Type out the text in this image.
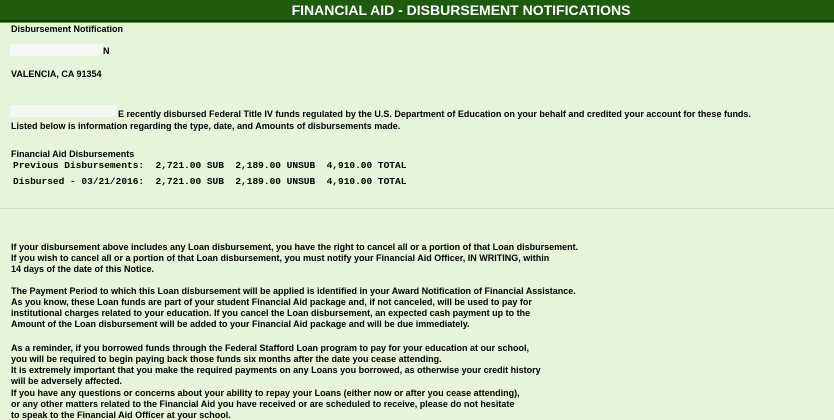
FINANCIAL AID - DISBURSEMENT NOTIFICATIONS
Disbursement Notification
N
VALENCIA, CA 91354
E recently disbursed Federal Title IV funds regulated by the U.S. Department of Education on your behalf and credited your account for these funds.
Listed below is information regarding the type, date, and Amounts of disbursements made.
Financial Aid Disbursements
Previous Disbursements: 2,721.00 SUB 2,189.00 UNSUB 4,910.00 TOTAL
Disbursed - 03/21/2016: 2,721.00 SUB 2,189.00 UNSUB 4,910.00 TOTAL
If your disbursement above includes any Loan disbursement, you have the right to cancel all or a portion of that Loan disbursement.
If you wish to cancel all or a portion of that Loan disbursement, you must notify your Financial Aid Officer, IN WRITING, within
14 days of the date of this Notice.
The Payment Period to which this Loan disbursement will be applied is identified in your Award Notification of Financial Assistance.
As you know, these Loan funds are part of your student Financial Aid package and, if not canceled, will be used to pay for
institutional charges related to your education. If you cancel the Loan disbursement, an expected cash payment up to the
Amount of the Loan disbursement will be added to your Financial Aid package and will be due immediately.
As a reminder, if you borrowed funds through the Federal Stafford Loan program to pay for your education at our school,
you will be required to begin paying back those funds six months after the date you cease attending.
It is extremely important that you make the required payments on any Loans you borrowed, as otherwise your credit history
will be adversely affected.
If you have any questions or concerns about your ability to repay your Loans (either now or after you cease attending),
or any other matters related to the Financial Aid you have received or are scheduled to receive, please do not hesitate
to speak to the Financial Aid Officer at your school.
